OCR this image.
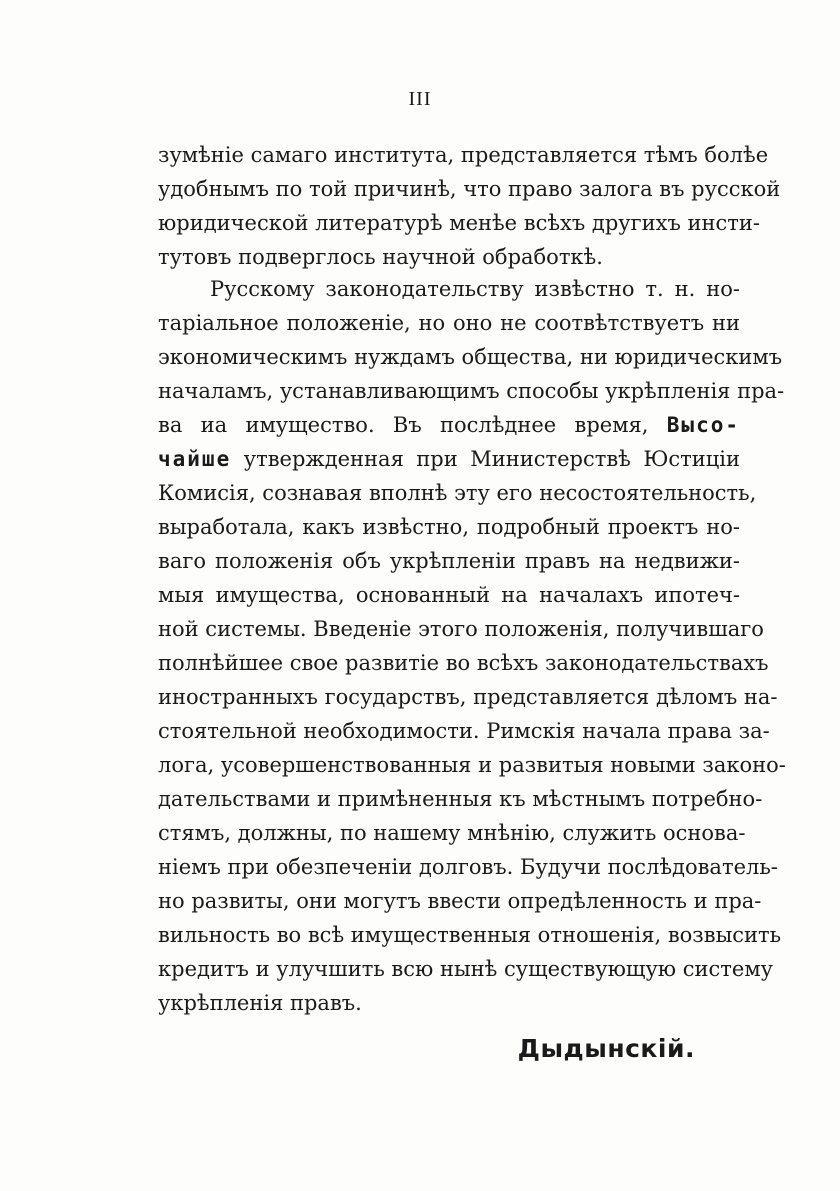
III
зумѣніе самаго института, представляется тѣмъ болѣе
удобнымъ по той причинѣ, что право залога въ русской
юридической литературѣ менѣе всѣхъ другихъ инсти-
тутовъ подверглось научной обработкѣ.
Русскому законодательству извѣстно т. н. но-
таріальное положеніе, но оно не соотвѣтствуетъ ни
экономическимъ нуждамъ общества, ни юридическимъ
началамъ, устанавливающимъ способы укрѣпленія пра-
ва иа имущество. Въ послѣднее время, Высо-
чайше утвержденная при Министерствѣ Юстиціи
Комисія, сознавая вполнѣ эту его несостоятельность,
выработала, какъ извѣстно, подробный проектъ но-
ваго положенія объ укрѣпленіи правъ на недвижи-
мыя имущества, основанный на началахъ ипотеч-
ной системы. Введеніе этого положенія, получившаго
полнѣйшее свое развитіе во всѣхъ законодательствахъ
иностранныхъ государствъ, представляется дѣломъ на-
стоятельной необходимости. Римскія начала права за-
лога, усовершенствованныя и развитыя новыми законо-
дательствами и примѣненныя къ мѣстнымъ потребно-
стямъ, должны, по нашему мнѣнію, служить основа-
ніемъ при обезпеченіи долговъ. Будучи послѣдователь-
но развиты, они могутъ ввести опредѣленность и пра-
вильность во всѣ имущественныя отношенія, возвысить
кредитъ и улучшить всю нынѣ существующую систему
укрѣпленія правъ.
Дыдынскій.
